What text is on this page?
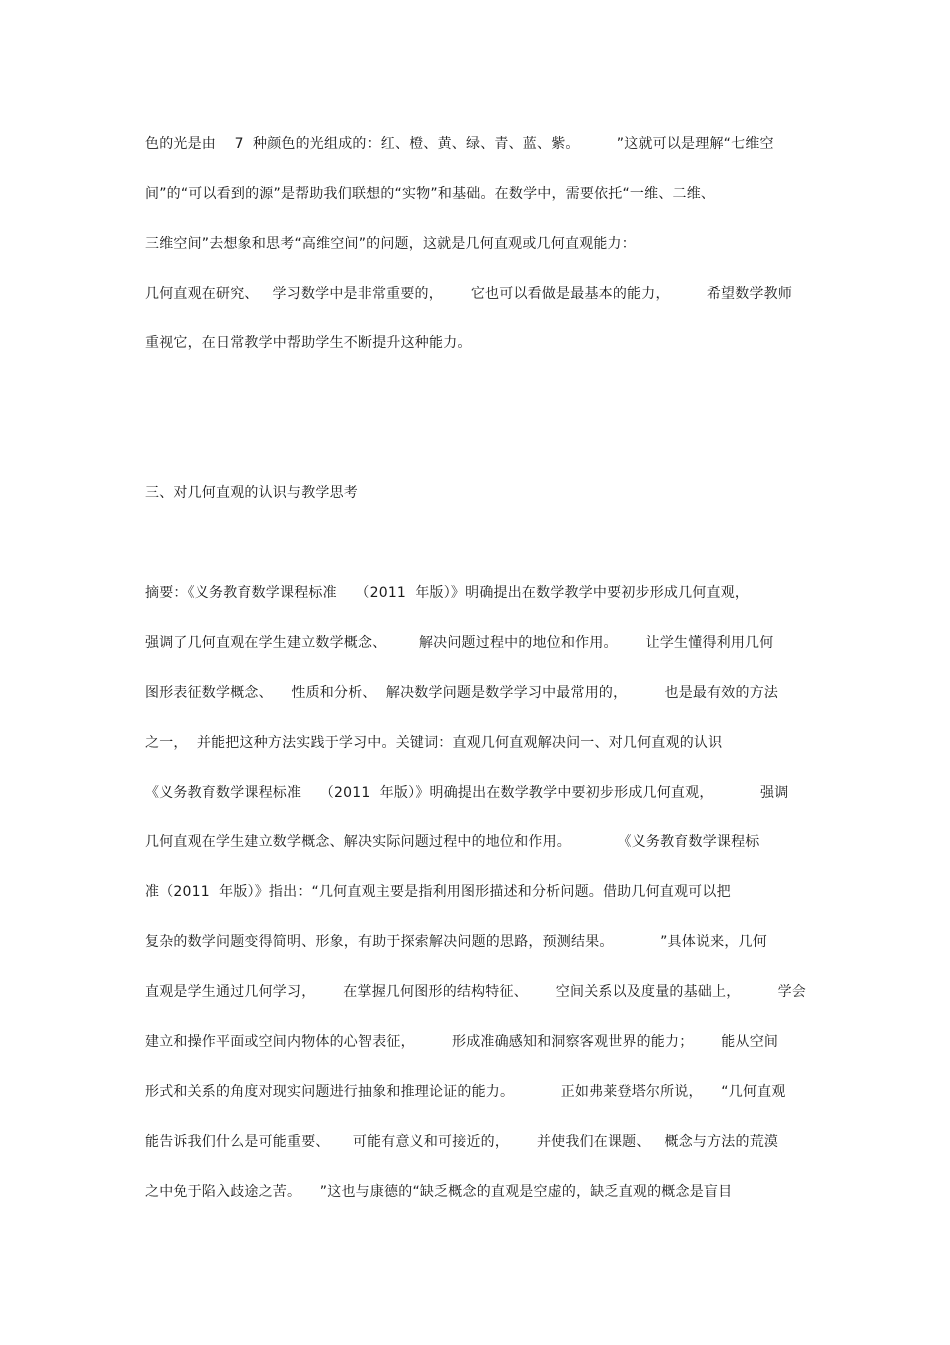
色的光是由    7  种颜色的光组成的：红、橙、黄、绿、青、蓝、紫。        ”这就可以是理解“七维空
间”的“可以看到的源”是帮助我们联想的“实物”和基础。在数学中，需要依托“一维、二维、
三维空间”去想象和思考“高维空间”的问题，这就是几何直观或几何直观能力：
几何直观在研究、   学习数学中是非常重要的，      它也可以看做是最基本的能力，        希望数学教师
重视它，在日常教学中帮助学生不断提升这种能力。
三、对几何直观的认识与教学思考
摘要：《义务教育数学课程标准    （2011  年版）》明确提出在数学教学中要初步形成几何直观，
强调了几何直观在学生建立数学概念、       解决问题过程中的地位和作用。      让学生懂得利用几何
图形表征数学概念、    性质和分析、  解决数学问题是数学学习中最常用的，        也是最有效的方法
之一，  并能把这种方法实践于学习中。关键词：直观几何直观解决问一、对几何直观的认识
《义务教育数学课程标准    （2011  年版）》明确提出在数学教学中要初步形成几何直观，          强调
几何直观在学生建立数学概念、解决实际问题过程中的地位和作用。          《义务教育数学课程标
准（2011  年版）》指出：“几何直观主要是指利用图形描述和分析问题。借助几何直观可以把
复杂的数学问题变得简明、形象，有助于探索解决问题的思路，预测结果。          ”具体说来，几何
直观是学生通过几何学习，      在掌握几何图形的结构特征、      空间关系以及度量的基础上，        学会
建立和操作平面或空间内物体的心智表征，        形成准确感知和洞察客观世界的能力；      能从空间
形式和关系的角度对现实问题进行抽象和推理论证的能力。          正如弗莱登塔尔所说，    “几何直观
能告诉我们什么是可能重要、     可能有意义和可接近的，      并使我们在课题、   概念与方法的荒漠
之中免于陷入歧途之苦。    ”这也与康德的“缺乏概念的直观是空虚的，缺乏直观的概念是盲目
